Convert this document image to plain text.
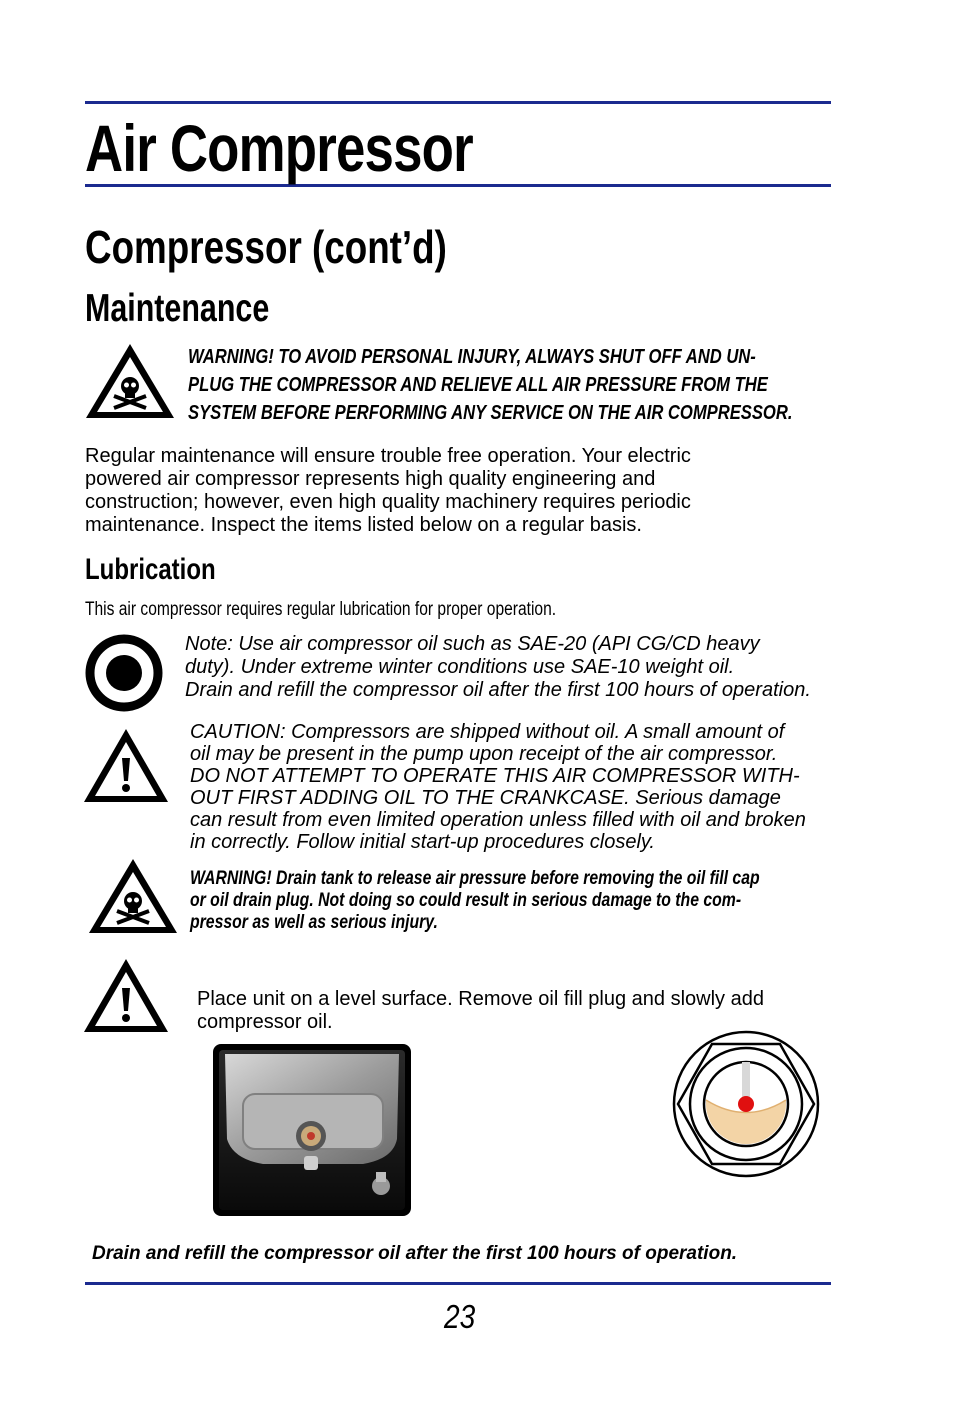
Air Compressor
Compressor (cont’d)
Maintenance
WARNING! TO AVOID PERSONAL INJURY, ALWAYS SHUT OFF AND UN-
PLUG THE COMPRESSOR AND RELIEVE ALL AIR PRESSURE FROM THE
SYSTEM BEFORE PERFORMING ANY SERVICE ON THE AIR COMPRESSOR.
Regular maintenance will ensure trouble free operation. Your electric
powered air compressor represents high quality engineering and
construction; however, even high quality machinery requires periodic
maintenance. Inspect the items listed below on a regular basis.
Lubrication
This air compressor requires regular lubrication for proper operation.
Note: Use air compressor oil such as SAE-20 (API CG/CD heavy
duty). Under extreme winter conditions use SAE-10 weight oil.
Drain and refill the compressor oil after the first 100 hours of operation.
CAUTION: Compressors are shipped without oil. A small amount of
oil may be present in the pump upon receipt of the air compressor.
DO NOT ATTEMPT TO OPERATE THIS AIR COMPRESSOR WITH-
OUT FIRST ADDING OIL TO THE CRANKCASE. Serious damage
can result from even limited operation unless filled with oil and broken
in correctly. Follow initial start-up procedures closely.
WARNING! Drain tank to release air pressure before removing the oil fill cap
or oil drain plug. Not doing so could result in serious damage to the com-
pressor as well as serious injury.
Place unit on a level surface. Remove oil fill plug and slowly add
compressor oil.
Drain and refill the compressor oil after the first 100 hours of operation.
23
